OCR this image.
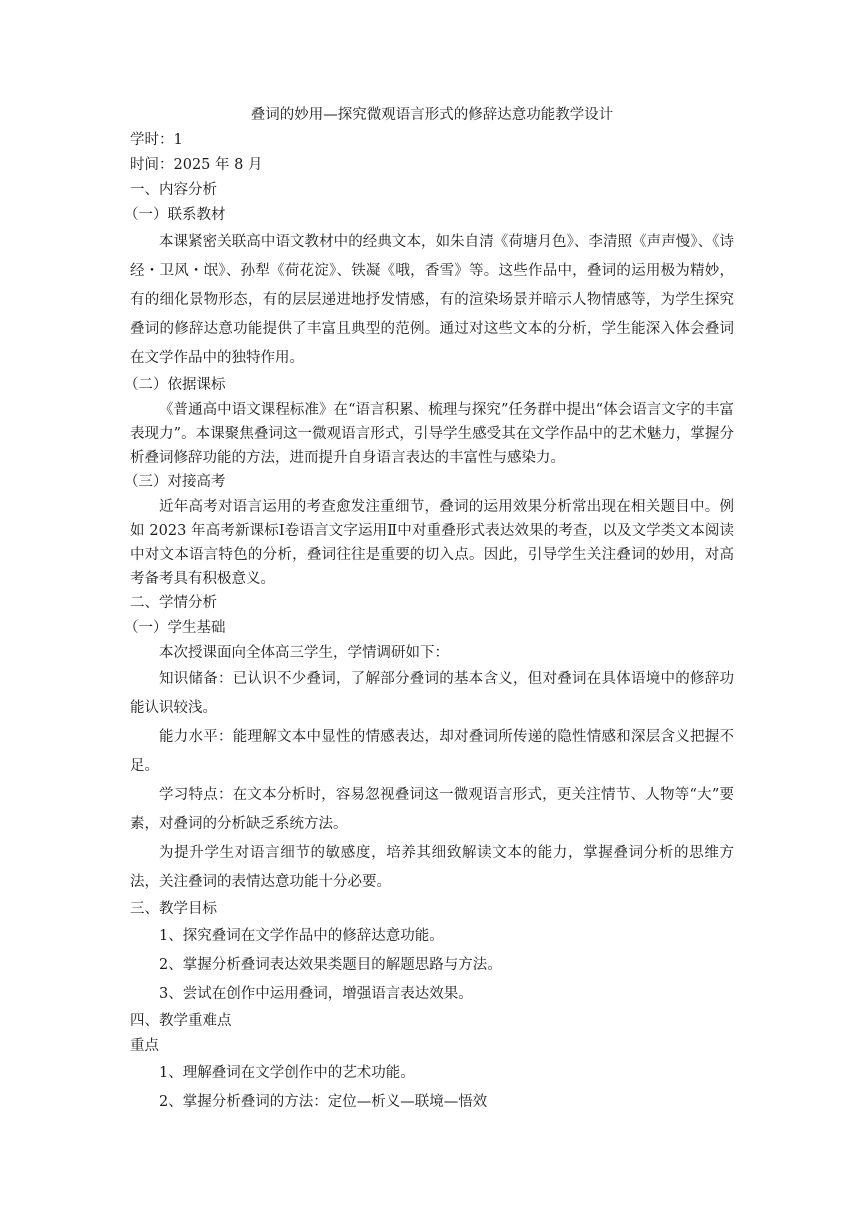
叠词的妙用—探究微观语言形式的修辞达意功能教学设计

学时：1

时间：2025 年 8 月

一、内容分析

（一）联系教材

本课紧密关联高中语文教材中的经典文本，如朱自清《荷塘月色》、李清照《声声慢》、《诗经・卫风・氓》、孙犁《荷花淀》、铁凝《哦，香雪》等。这些作品中，叠词的运用极为精妙，有的细化景物形态，有的层层递进地抒发情感，有的渲染场景并暗示人物情感等，为学生探究叠词的修辞达意功能提供了丰富且典型的范例。通过对这些文本的分析，学生能深入体会叠词在文学作品中的独特作用。

（二）依据课标

《普通高中语文课程标准》在“语言积累、梳理与探究”任务群中提出“体会语言文字的丰富表现力”。本课聚焦叠词这一微观语言形式，引导学生感受其在文学作品中的艺术魅力，掌握分析叠词修辞功能的方法，进而提升自身语言表达的丰富性与感染力。

（三）对接高考

近年高考对语言运用的考查愈发注重细节，叠词的运用效果分析常出现在相关题目中。例如 2023 年高考新课标Ⅰ卷语言文字运用Ⅱ中对重叠形式表达效果的考查，以及文学类文本阅读中对文本语言特色的分析，叠词往往是重要的切入点。因此，引导学生关注叠词的妙用，对高考备考具有积极意义。

二、学情分析

（一）学生基础

本次授课面向全体高三学生，学情调研如下：

知识储备：已认识不少叠词，了解部分叠词的基本含义，但对叠词在具体语境中的修辞功能认识较浅。

能力水平：能理解文本中显性的情感表达，却对叠词所传递的隐性情感和深层含义把握不足。

学习特点：在文本分析时，容易忽视叠词这一微观语言形式，更关注情节、人物等“大”要素，对叠词的分析缺乏系统方法。

为提升学生对语言细节的敏感度，培养其细致解读文本的能力，掌握叠词分析的思维方法，关注叠词的表情达意功能十分必要。

三、教学目标

1、探究叠词在文学作品中的修辞达意功能。

2、掌握分析叠词表达效果类题目的解题思路与方法。

3、尝试在创作中运用叠词，增强语言表达效果。

四、教学重难点

重点

1、理解叠词在文学创作中的艺术功能。

2、掌握分析叠词的方法：定位—析义—联境—悟效
